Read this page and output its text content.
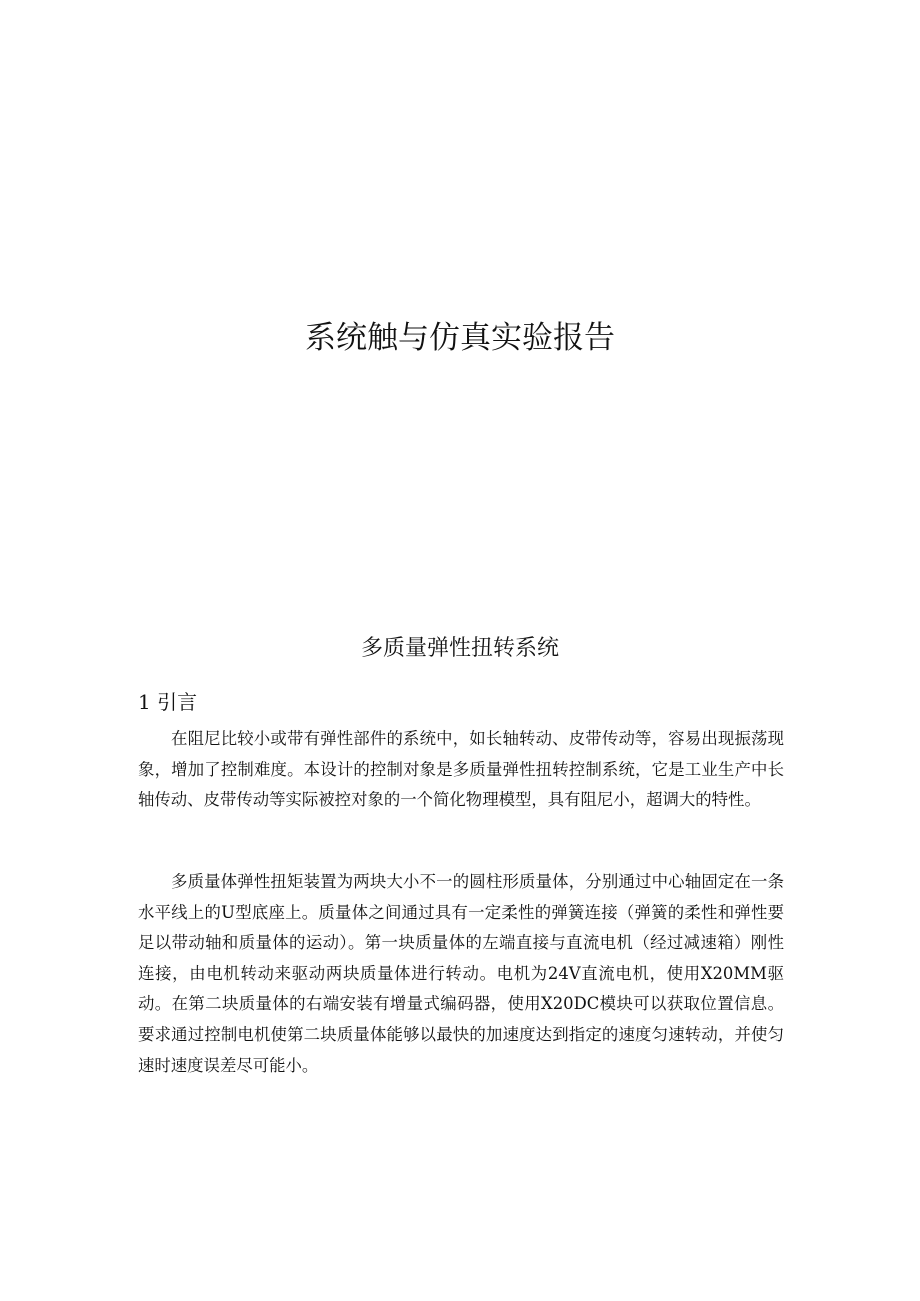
系统触与仿真实验报告
多质量弹性扭转系统
1 引言

在阻尼比较小或带有弹性部件的系统中，如长轴转动、皮带传动等，容易出现振荡现象，增加了控制难度。本设计的控制对象是多质量弹性扭转控制系统，它是工业生产中长轴传动、皮带传动等实际被控对象的一个简化物理模型，具有阻尼小，超调大的特性。

多质量体弹性扭矩装置为两块大小不一的圆柱形质量体，分别通过中心轴固定在一条水平线上的U型底座上。质量体之间通过具有一定柔性的弹簧连接（弹簧的柔性和弹性要足以带动轴和质量体的运动）。第一块质量体的左端直接与直流电机（经过减速箱）刚性连接，由电机转动来驱动两块质量体进行转动。电机为24V直流电机，使用X20MM驱动。在第二块质量体的右端安装有增量式编码器，使用X20DC模块可以获取位置信息。要求通过控制电机使第二块质量体能够以最快的加速度达到指定的速度匀速转动，并使匀速时速度误差尽可能小。
